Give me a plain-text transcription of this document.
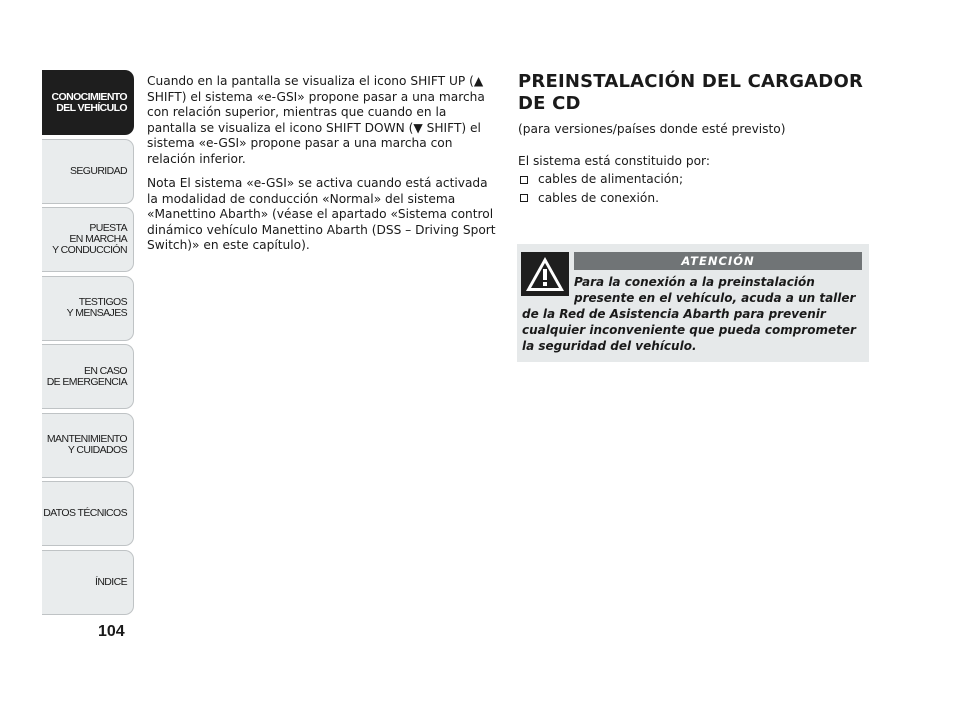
CONOCIMIENTO
DEL VEHÍCULO
SEGURIDAD
PUESTA
EN MARCHA
Y CONDUCCIÓN
TESTIGOS
Y MENSAJES
EN CASO
DE EMERGENCIA
MANTENIMIENTO
Y CUIDADOS
DATOS TÉCNICOS
ÍNDICE
104

Cuando en la pantalla se visualiza el icono SHIFT UP (▲ SHIFT) el sistema «e-GSI» propone pasar a una marcha con relación superior, mientras que cuando en la pantalla se visualiza el icono SHIFT DOWN (▼ SHIFT) el sistema «e-GSI» propone pasar a una marcha con relación inferior.

Nota El sistema «e-GSI» se activa cuando está activada la modalidad de conducción «Normal» del sistema «Manettino Abarth» (véase el apartado «Sistema control dinámico vehículo Manettino Abarth (DSS – Driving Sport Switch)» en este capítulo).

PREINSTALACIÓN DEL CARGADOR DE CD

(para versiones/países donde esté previsto)

El sistema está constituido por:

cables de alimentación;
cables de conexión.
ATENCIÓN
Para la conexión a la preinstalación presente en el vehículo, acuda a un taller de la Red de Asistencia Abarth para prevenir cualquier inconveniente que pueda comprometer la seguridad del vehículo.
